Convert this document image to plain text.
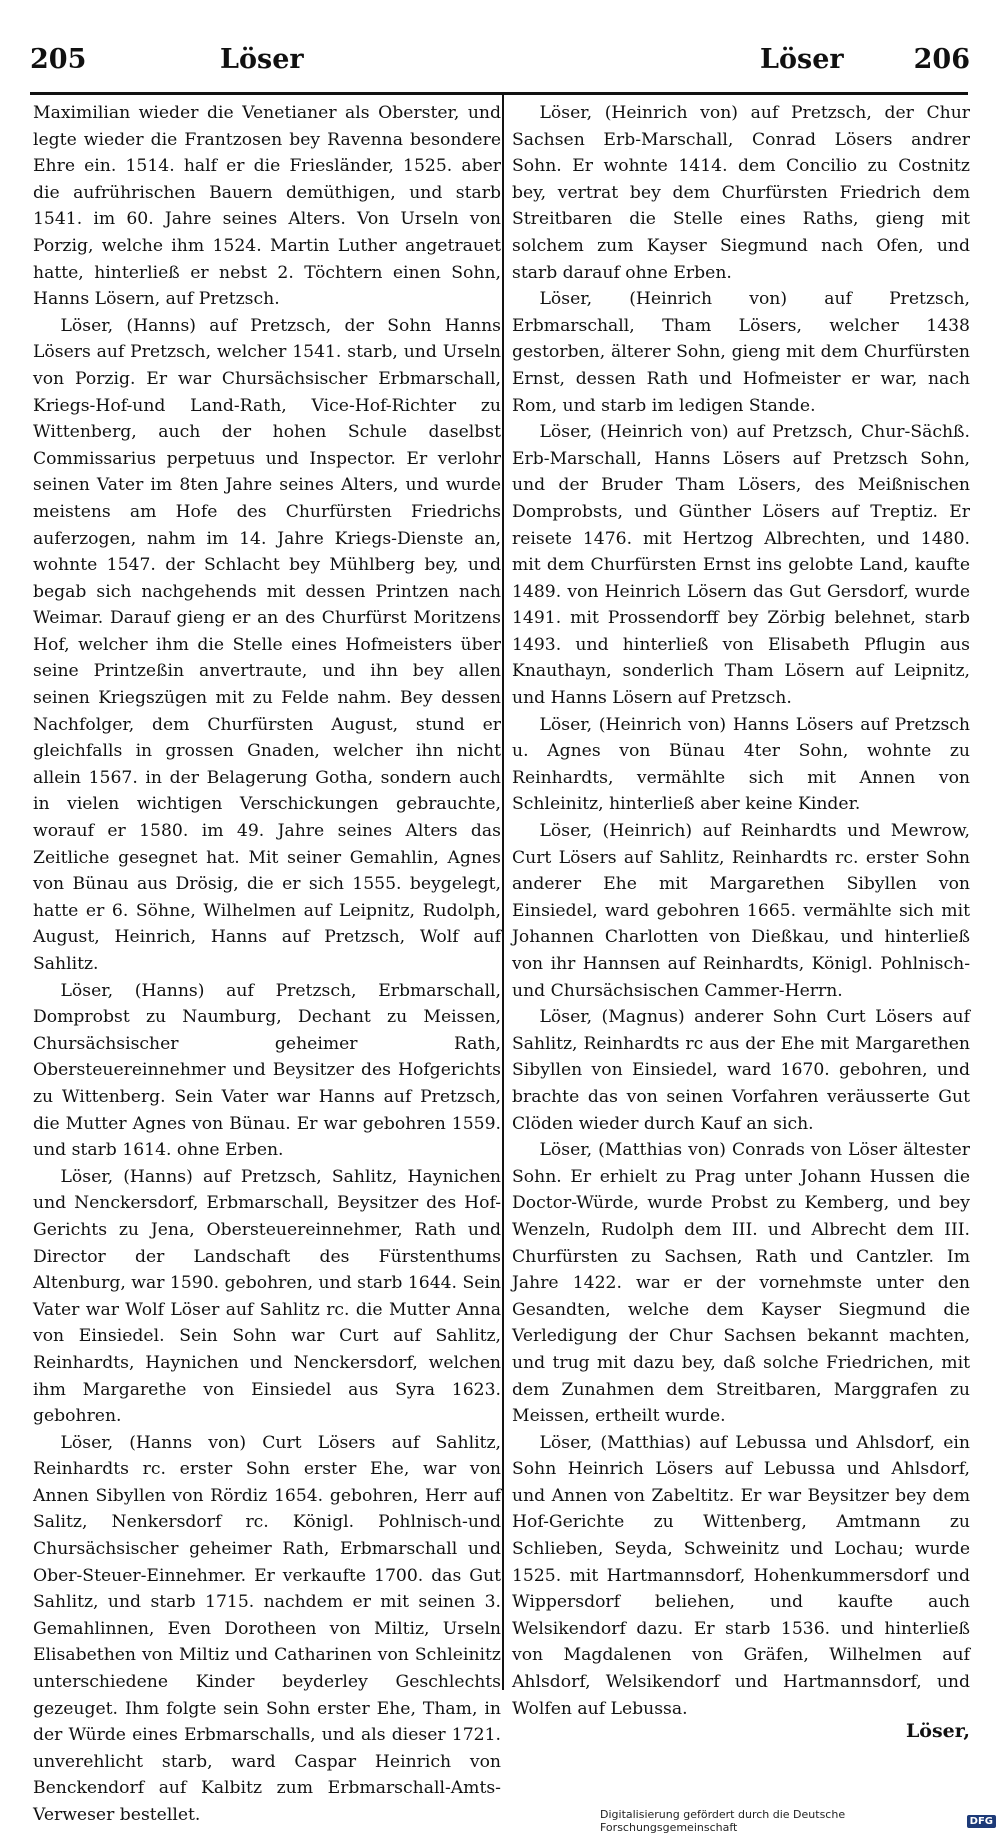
205	Löser	Löser	206

Maximilian wieder die Venetianer als Oberster, und legte wieder die Frantzosen bey Ravenna besondere Ehre ein. 1514. half er die Friesländer, 1525. aber die aufrührischen Bauern demüthigen, und starb 1541. im 60. Jahre seines Alters. Von Urseln von Porzig, welche ihm 1524. Martin Luther angetrauet hatte, hinterließ er nebst 2. Töchtern einen Sohn, Hanns Lösern, auf Pretzsch.

Löser, (Hanns) auf Pretzsch, der Sohn Hanns Lösers auf Pretzsch, welcher 1541. starb, und Urseln von Porzig. Er war Chursächsischer Erbmarschall, Kriegs-Hof-und Land-Rath, Vice-Hof-Richter zu Wittenberg, auch der hohen Schule daselbst Commissarius perpetuus und Inspector. Er verlohr seinen Vater im 8ten Jahre seines Alters, und wurde meistens am Hofe des Churfürsten Friedrichs auferzogen, nahm im 14. Jahre Kriegs-Dienste an, wohnte 1547. der Schlacht bey Mühlberg bey, und begab sich nachgehends mit dessen Printzen nach Weimar. Darauf gieng er an des Churfürst Moritzens Hof, welcher ihm die Stelle eines Hofmeisters über seine Printzeßin anvertraute, und ihn bey allen seinen Kriegszügen mit zu Felde nahm. Bey dessen Nachfolger, dem Churfürsten August, stund er gleichfalls in grossen Gnaden, welcher ihn nicht allein 1567. in der Belagerung Gotha, sondern auch in vielen wichtigen Verschickungen gebrauchte, worauf er 1580. im 49. Jahre seines Alters das Zeitliche gesegnet hat. Mit seiner Gemahlin, Agnes von Bünau aus Drösig, die er sich 1555. beygelegt, hatte er 6. Söhne, Wilhelmen auf Leipnitz, Rudolph, August, Heinrich, Hanns auf Pretzsch, Wolf auf Sahlitz.

Löser, (Hanns) auf Pretzsch, Erbmarschall, Domprobst zu Naumburg, Dechant zu Meissen, Chursächsischer geheimer Rath, Obersteuereinnehmer und Beysitzer des Hofgerichts zu Wittenberg. Sein Vater war Hanns auf Pretzsch, die Mutter Agnes von Bünau. Er war gebohren 1559. und starb 1614. ohne Erben.

Löser, (Hanns) auf Pretzsch, Sahlitz, Haynichen und Nenckersdorf, Erbmarschall, Beysitzer des Hof-Gerichts zu Jena, Obersteuereinnehmer, Rath und Director der Landschaft des Fürstenthums Altenburg, war 1590. gebohren, und starb 1644. Sein Vater war Wolf Löser auf Sahlitz rc. die Mutter Anna von Einsiedel. Sein Sohn war Curt auf Sahlitz, Reinhardts, Haynichen und Nenckersdorf, welchen ihm Margarethe von Einsiedel aus Syra 1623. gebohren.

Löser, (Hanns von) Curt Lösers auf Sahlitz, Reinhardts rc. erster Sohn erster Ehe, war von Annen Sibyllen von Rördiz 1654. gebohren, Herr auf Salitz, Nenkersdorf rc. Königl. Pohlnisch-und Chursächsischer geheimer Rath, Erbmarschall und Ober-Steuer-Einnehmer. Er verkaufte 1700. das Gut Sahlitz, und starb 1715. nachdem er mit seinen 3. Gemahlinnen, Even Dorotheen von Miltiz, Urseln Elisabethen von Miltiz und Catharinen von Schleinitz unterschiedene Kinder beyderley Geschlechts gezeuget. Ihm folgte sein Sohn erster Ehe, Tham, in der Würde eines Erbmarschalls, und als dieser 1721. unverehlicht starb, ward Caspar Heinrich von Benckendorf auf Kalbitz zum Erbmarschall-Amts-Verweser bestellet.

Löser, (Heinrich von) auf Pretzsch, der Chur Sachsen Erb-Marschall, Conrad Lösers andrer Sohn. Er wohnte 1414. dem Concilio zu Costnitz bey, vertrat bey dem Churfürsten Friedrich dem Streitbaren die Stelle eines Raths, gieng mit solchem zum Kayser Siegmund nach Ofen, und starb darauf ohne Erben.

Löser, (Heinrich von) auf Pretzsch, Erbmarschall, Tham Lösers, welcher 1438 gestorben, älterer Sohn, gieng mit dem Churfürsten Ernst, dessen Rath und Hofmeister er war, nach Rom, und starb im ledigen Stande.

Löser, (Heinrich von) auf Pretzsch, Chur-Sächß. Erb-Marschall, Hanns Lösers auf Pretzsch Sohn, und der Bruder Tham Lösers, des Meißnischen Domprobsts, und Günther Lösers auf Treptiz. Er reisete 1476. mit Hertzog Albrechten, und 1480. mit dem Churfürsten Ernst ins gelobte Land, kaufte 1489. von Heinrich Lösern das Gut Gersdorf, wurde 1491. mit Prossendorff bey Zörbig belehnet, starb 1493. und hinterließ von Elisabeth Pflugin aus Knauthayn, sonderlich Tham Lösern auf Leipnitz, und Hanns Lösern auf Pretzsch.

Löser, (Heinrich von) Hanns Lösers auf Pretzsch u. Agnes von Bünau 4ter Sohn, wohnte zu Reinhardts, vermählte sich mit Annen von Schleinitz, hinterließ aber keine Kinder.

Löser, (Heinrich) auf Reinhardts und Mewrow, Curt Lösers auf Sahlitz, Reinhardts rc. erster Sohn anderer Ehe mit Margarethen Sibyllen von Einsiedel, ward gebohren 1665. vermählte sich mit Johannen Charlotten von Dießkau, und hinterließ von ihr Hannsen auf Reinhardts, Königl. Pohlnisch- und Chursächsischen Cammer-Herrn.

Löser, (Magnus) anderer Sohn Curt Lösers auf Sahlitz, Reinhardts rc aus der Ehe mit Margarethen Sibyllen von Einsiedel, ward 1670. gebohren, und brachte das von seinen Vorfahren veräusserte Gut Clöden wieder durch Kauf an sich.

Löser, (Matthias von) Conrads von Löser ältester Sohn. Er erhielt zu Prag unter Johann Hussen die Doctor-Würde, wurde Probst zu Kemberg, und bey Wenzeln, Rudolph dem III. und Albrecht dem III. Churfürsten zu Sachsen, Rath und Cantzler. Im Jahre 1422. war er der vornehmste unter den Gesandten, welche dem Kayser Siegmund die Verledigung der Chur Sachsen bekannt machten, und trug mit dazu bey, daß solche Friedrichen, mit dem Zunahmen dem Streitbaren, Marggrafen zu Meissen, ertheilt wurde.

Löser, (Matthias) auf Lebussa und Ahlsdorf, ein Sohn Heinrich Lösers auf Lebussa und Ahlsdorf, und Annen von Zabeltitz. Er war Beysitzer bey dem Hof-Gerichte zu Wittenberg, Amtmann zu Schlieben, Seyda, Schweinitz und Lochau; wurde 1525. mit Hartmannsdorf, Hohenkummersdorf und Wippersdorf beliehen, und kaufte auch Welsikendorf dazu. Er starb 1536. und hinterließ von Magdalenen von Gräfen, Wilhelmen auf Ahlsdorf, Welsikendorf und Hartmannsdorf, und Wolfen auf Lebussa.

Löser,
Digitalisierung gefördert durch die Deutsche Forschungsgemeinschaft	DFG
